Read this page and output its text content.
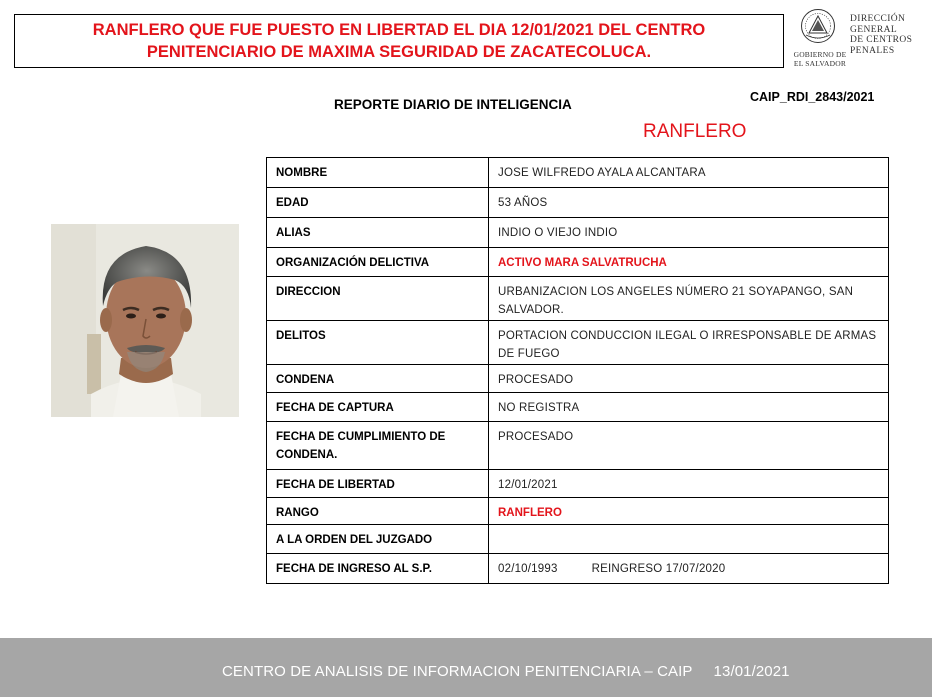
RANFLERO QUE FUE PUESTO EN LIBERTAD EL DIA 12/01/2021 DEL CENTRO
PENITENCIARIO DE MAXIMA SEGURIDAD DE ZACATECOLUCA.	GOBIERNO DE
EL SALVADOR
DIRECCIÓN
GENERAL
DE CENTROS
PENALES
REPORTE DIARIO DE INTELIGENCIA	CAIP_RDI_2843/2021
RANFLERO
NOMBRE	JOSE WILFREDO AYALA ALCANTARA
EDAD	53 AÑOS
ALIAS	INDIO O VIEJO INDIO
ORGANIZACIÓN DELICTIVA	ACTIVO MARA SALVATRUCHA
DIRECCION	URBANIZACION LOS ANGELES NÚMERO 21 SOYAPANGO, SAN SALVADOR.
DELITOS	PORTACION CONDUCCION ILEGAL O IRRESPONSABLE DE ARMAS DE FUEGO
CONDENA	PROCESADO
FECHA DE CAPTURA	NO REGISTRA
FECHA DE CUMPLIMIENTO DE CONDENA.	PROCESADO
FECHA DE LIBERTAD	12/01/2021
RANGO	RANFLERO
A LA ORDEN DEL JUZGADO	
FECHA DE INGRESO AL S.P.	02/10/1993 REINGRESO 17/07/2020
CENTRO DE ANALISIS DE INFORMACION PENITENCIARIA – CAIP     13/01/2021
